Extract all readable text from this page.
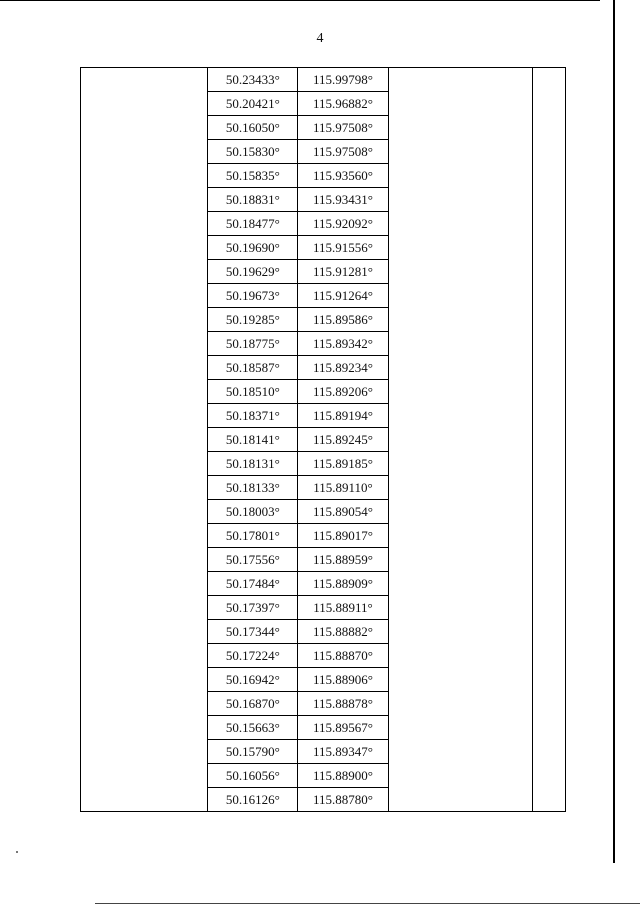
4
	50.23433°	115.99798°		
	50.20421°	115.96882°		
	50.16050°	115.97508°		
	50.15830°	115.97508°		
	50.15835°	115.93560°		
	50.18831°	115.93431°		
	50.18477°	115.92092°		
	50.19690°	115.91556°		
	50.19629°	115.91281°		
	50.19673°	115.91264°		
	50.19285°	115.89586°		
	50.18775°	115.89342°		
	50.18587°	115.89234°		
	50.18510°	115.89206°		
	50.18371°	115.89194°		
	50.18141°	115.89245°		
	50.18131°	115.89185°		
	50.18133°	115.89110°		
	50.18003°	115.89054°		
	50.17801°	115.89017°		
	50.17556°	115.88959°		
	50.17484°	115.88909°		
	50.17397°	115.88911°		
	50.17344°	115.88882°		
	50.17224°	115.88870°		
	50.16942°	115.88906°		
	50.16870°	115.88878°		
	50.15663°	115.89567°		
	50.15790°	115.89347°		
	50.16056°	115.88900°		
	50.16126°	115.88780°		
